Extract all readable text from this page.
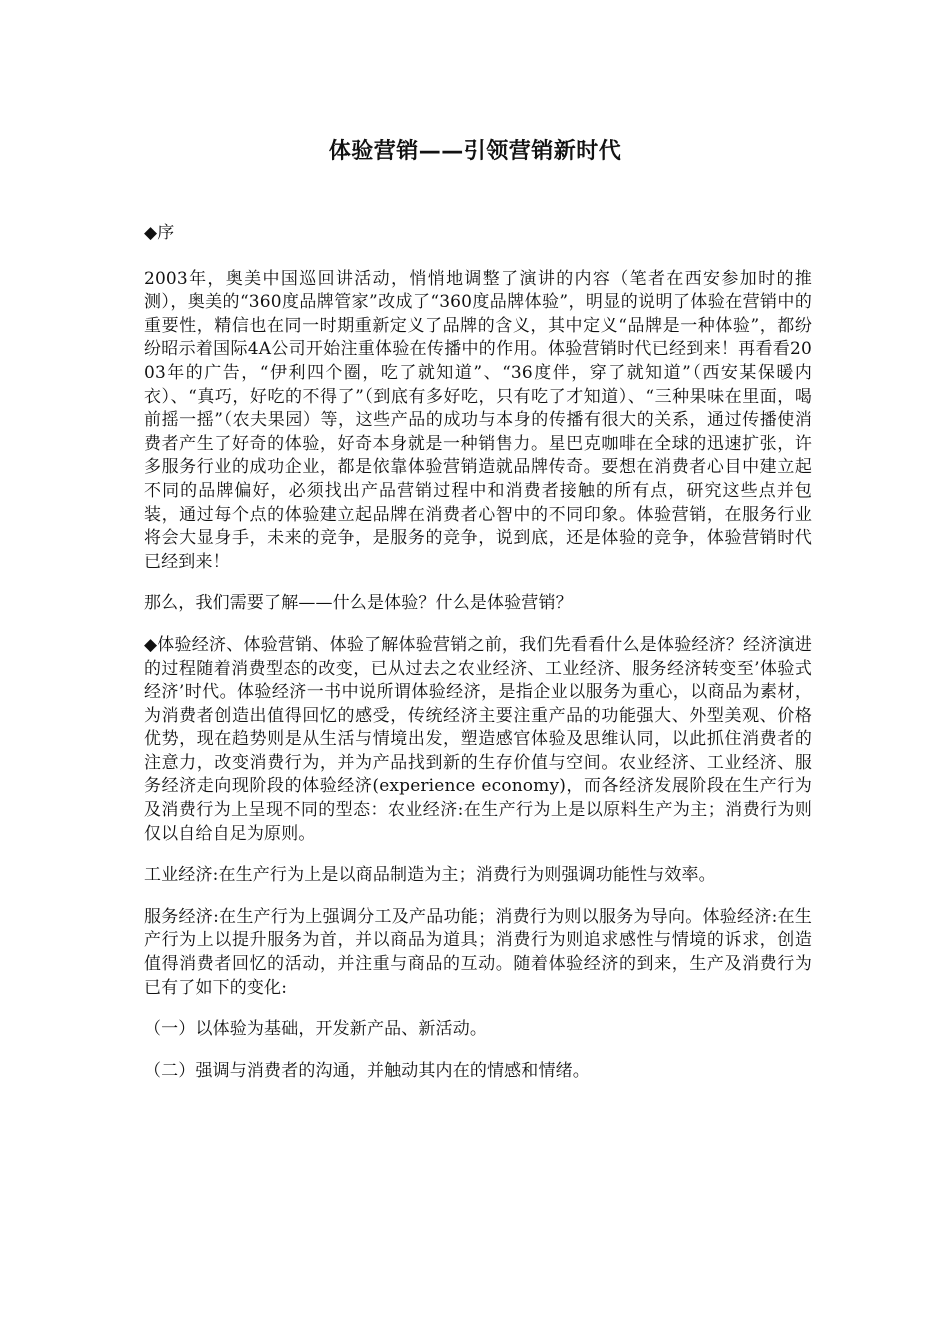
体验营销——引领营销新时代

◆序

2003年，奥美中国巡回讲活动，悄悄地调整了演讲的内容（笔者在西安参加时的推测），奥美的“360度品牌管家”改成了“360度品牌体验”，明显的说明了体验在营销中的重要性，精信也在同一时期重新定义了品牌的含义，其中定义“品牌是一种体验”，都纷纷昭示着国际4A公司开始注重体验在传播中的作用。体验营销时代已经到来！再看看2003年的广告，“伊利四个圈，吃了就知道”、“36度伴，穿了就知道”（西安某保暖内衣）、“真巧，好吃的不得了”（到底有多好吃，只有吃了才知道）、“三种果味在里面，喝前摇一摇”（农夫果园）等，这些产品的成功与本身的传播有很大的关系，通过传播使消费者产生了好奇的体验，好奇本身就是一种销售力。星巴克咖啡在全球的迅速扩张，许多服务行业的成功企业，都是依靠体验营销造就品牌传奇。要想在消费者心目中建立起不同的品牌偏好，必须找出产品营销过程中和消费者接触的所有点，研究这些点并包装，通过每个点的体验建立起品牌在消费者心智中的不同印象。体验营销，在服务行业将会大显身手，未来的竞争，是服务的竞争，说到底，还是体验的竞争，体验营销时代已经到来！

那么，我们需要了解——什么是体验？什么是体验营销？

◆体验经济、体验营销、体验了解体验营销之前，我们先看看什么是体验经济？经济演进的过程随着消费型态的改变，已从过去之农业经济、工业经济、服务经济转变至’体验式经济’时代。体验经济一书中说所谓体验经济，是指企业以服务为重心，以商品为素材，为消费者创造出值得回忆的感受，传统经济主要注重产品的功能强大、外型美观、价格优势，现在趋势则是从生活与情境出发，塑造感官体验及思维认同，以此抓住消费者的注意力，改变消费行为，并为产品找到新的生存价值与空间。农业经济、工业经济、服务经济走向现阶段的体验经济(experience economy)，而各经济发展阶段在生产行为及消费行为上呈现不同的型态：农业经济:在生产行为上是以原料生产为主；消费行为则仅以自给自足为原则。

工业经济:在生产行为上是以商品制造为主；消费行为则强调功能性与效率。

服务经济:在生产行为上强调分工及产品功能；消费行为则以服务为导向。体验经济:在生产行为上以提升服务为首，并以商品为道具；消费行为则追求感性与情境的诉求，创造值得消费者回忆的活动，并注重与商品的互动。随着体验经济的到来，生产及消费行为已有了如下的变化:

（一）以体验为基础，开发新产品、新活动。

（二）强调与消费者的沟通，并触动其内在的情感和情绪。
